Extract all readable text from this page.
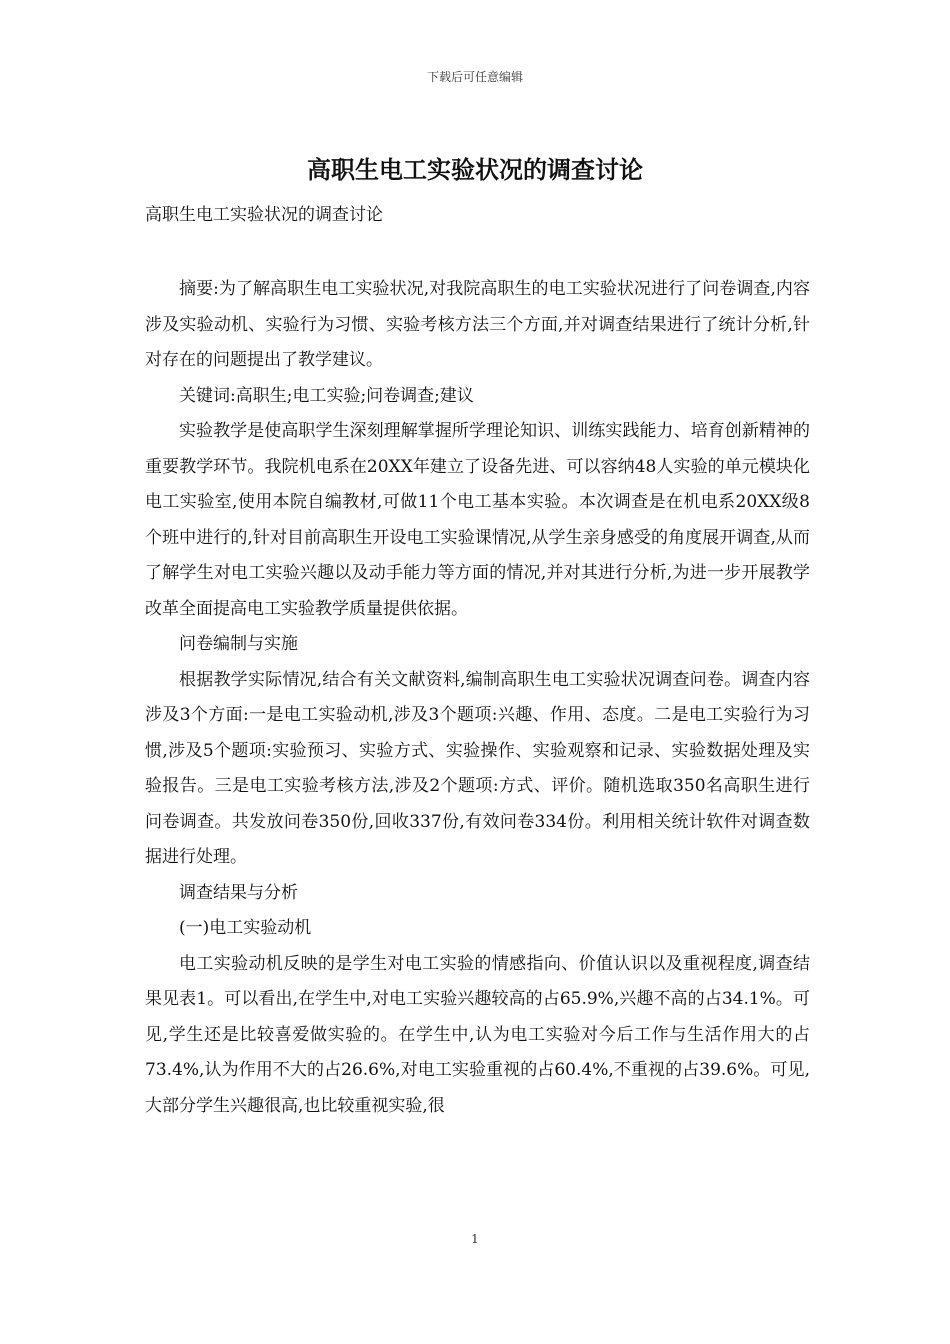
下载后可任意编辑
高职生电工实验状况的调查讨论

高职生电工实验状况的调查讨论

摘要:为了解高职生电工实验状况,对我院高职生的电工实验状况进行了问卷调查,内容涉及实验动机、实验行为习惯、实验考核方法三个方面,并对调查结果进行了统计分析,针对存在的问题提出了教学建议。

关键词:高职生;电工实验;问卷调查;建议

实验教学是使高职学生深刻理解掌握所学理论知识、训练实践能力、培育创新精神的重要教学环节。我院机电系在20XX年建立了设备先进、可以容纳48人实验的单元模块化电工实验室,使用本院自编教材,可做11个电工基本实验。本次调查是在机电系20XX级8个班中进行的,针对目前高职生开设电工实验课情况,从学生亲身感受的角度展开调查,从而了解学生对电工实验兴趣以及动手能力等方面的情况,并对其进行分析,为进一步开展教学改革全面提高电工实验教学质量提供依据。

问卷编制与实施

根据教学实际情况,结合有关文献资料,编制高职生电工实验状况调查问卷。调查内容涉及3个方面:一是电工实验动机,涉及3个题项:兴趣、作用、态度。二是电工实验行为习惯,涉及5个题项:实验预习、实验方式、实验操作、实验观察和记录、实验数据处理及实验报告。三是电工实验考核方法,涉及2个题项:方式、评价。随机选取350名高职生进行问卷调查。共发放问卷350份,回收337份,有效问卷334份。利用相关统计软件对调查数据进行处理。

调查结果与分析

(一)电工实验动机

电工实验动机反映的是学生对电工实验的情感指向、价值认识以及重视程度,调查结果见表1。可以看出,在学生中,对电工实验兴趣较高的占65.9%,兴趣不高的占34.1%。可见,学生还是比较喜爱做实验的。在学生中,认为电工实验对今后工作与生活作用大的占73.4%,认为作用不大的占26.6%,对电工实验重视的占60.4%,不重视的占39.6%。可见,大部分学生兴趣很高,也比较重视实验,很

1
